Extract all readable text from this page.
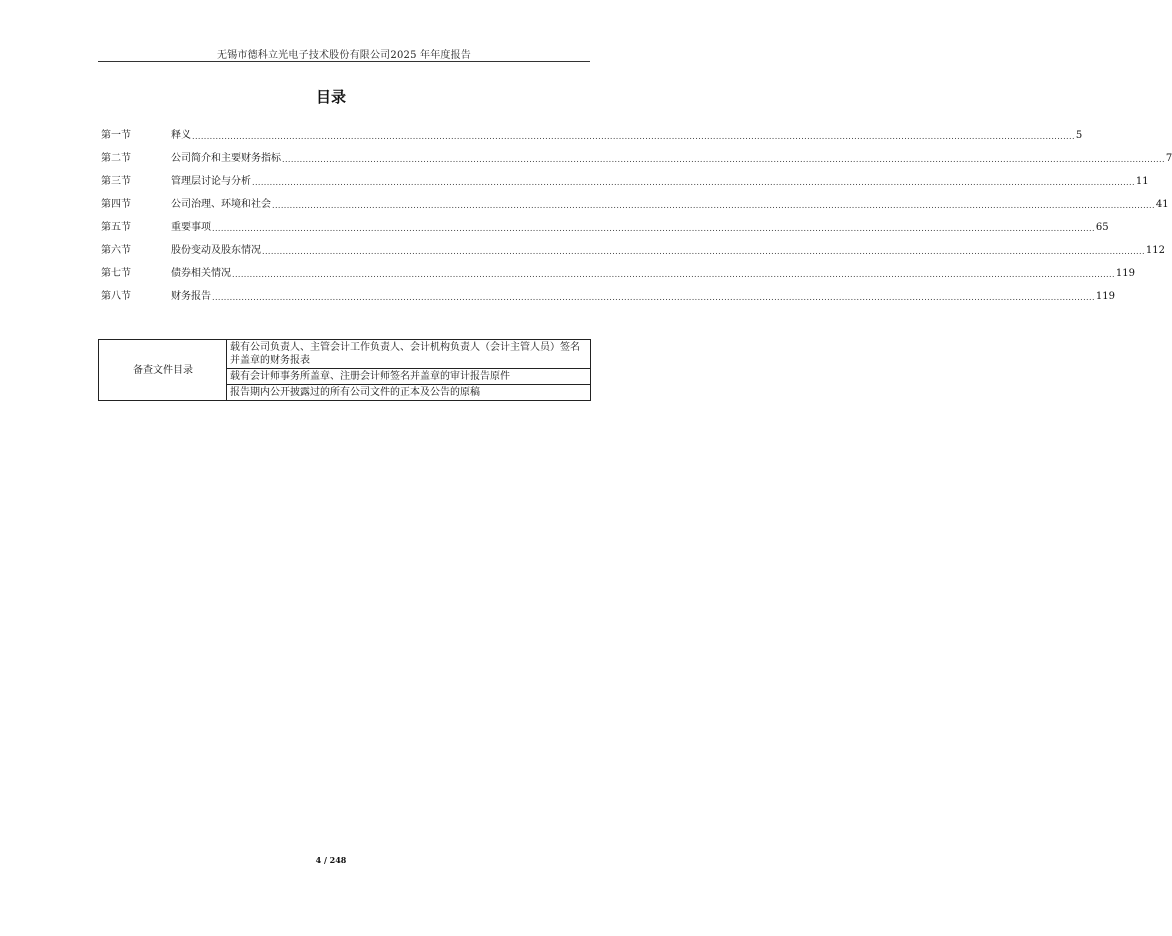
无锡市德科立光电子技术股份有限公司2025 年年度报告
目录
第一节	释义 ............................................................................................................................................................................................................................................................................................................ 5
第二节	公司简介和主要财务指标 ............................................................................................................................................................................................................................................................................................................ 7
第三节	管理层讨论与分析 ............................................................................................................................................................................................................................................................................................................ 11
第四节	公司治理、环境和社会 ............................................................................................................................................................................................................................................................................................................ 41
第五节	重要事项 ............................................................................................................................................................................................................................................................................................................ 65
第六节	股份变动及股东情况 ............................................................................................................................................................................................................................................................................................................ 112
第七节	债券相关情况 ............................................................................................................................................................................................................................................................................................................ 119
第八节	财务报告 ............................................................................................................................................................................................................................................................................................................ 119
备查文件目录	载有公司负责人、主管会计工作负责人、会计机构负责人（会计主管人员）签名并盖章的财务报表
载有会计师事务所盖章、注册会计师签名并盖章的审计报告原件
报告期内公开披露过的所有公司文件的正本及公告的原稿
4 / 248
